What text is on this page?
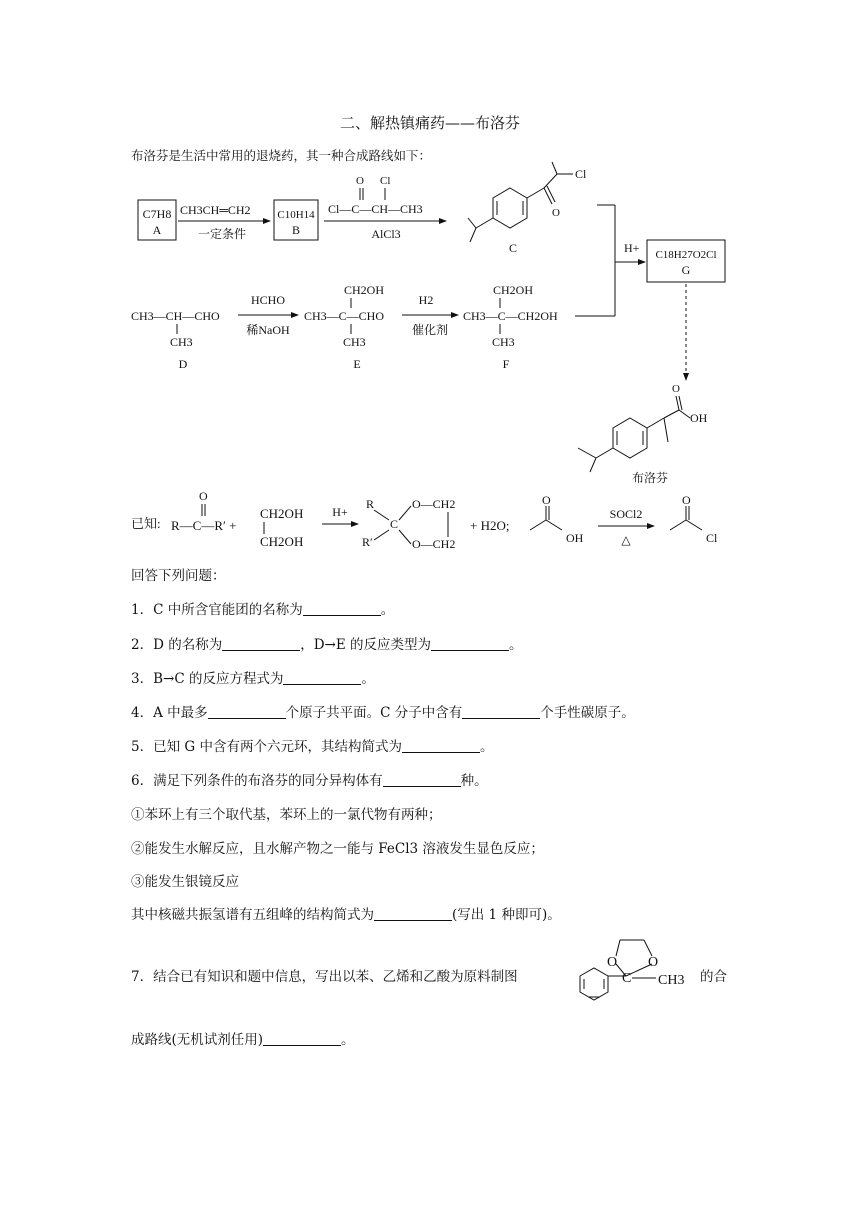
二、解热镇痛药——布洛芬
布洛芬是生活中常用的退烧药，其一种合成路线如下：
C7H8
A
CH3CH═CH2
一定条件
C10H14
B
O Cl
Cl—C—CH—CH3
AlCl3
O
Cl
C	H+ C18H27O2Cl
G
CH3—CH—CHO
CH3
D
HCHO
稀NaOH
CH2OH
CH3—C—CHO
CH3
E
H2
催化剂
CH2OH
CH3—C—CH2OH
CH3
F
O
OH
布洛芬
已知:
O
R—C—R′ +
CH2OH
CH2OH
H+
R
R′
C
O—CH2
O—CH2
+ H2O;
O
OH
SOCl2
△
O
Cl
回答下列问题：
1．C 中所含官能团的名称为	。
2．D 的名称为	，D→E 的反应类型为	。
3．B→C 的反应方程式为	。
4．A 中最多	个原子共平面。C 分子中含有	个手性碳原子。
5．已知 G 中含有两个六元环，其结构简式为	。
6．满足下列条件的布洛芬的同分异构体有	种。
①苯环上有三个取代基，苯环上的一氯代物有两种；
②能发生水解反应，且水解产物之一能与 FeCl3 溶液发生显色反应；
③能发生银镜反应
其中核磁共振氢谱有五组峰的结构简式为	(写出 1 种即可)。
7．结合已有知识和题中信息，写出以苯、乙烯和乙酸为原料制图	的合
O O
C CH3
成路线(无机试剂任用)	。
